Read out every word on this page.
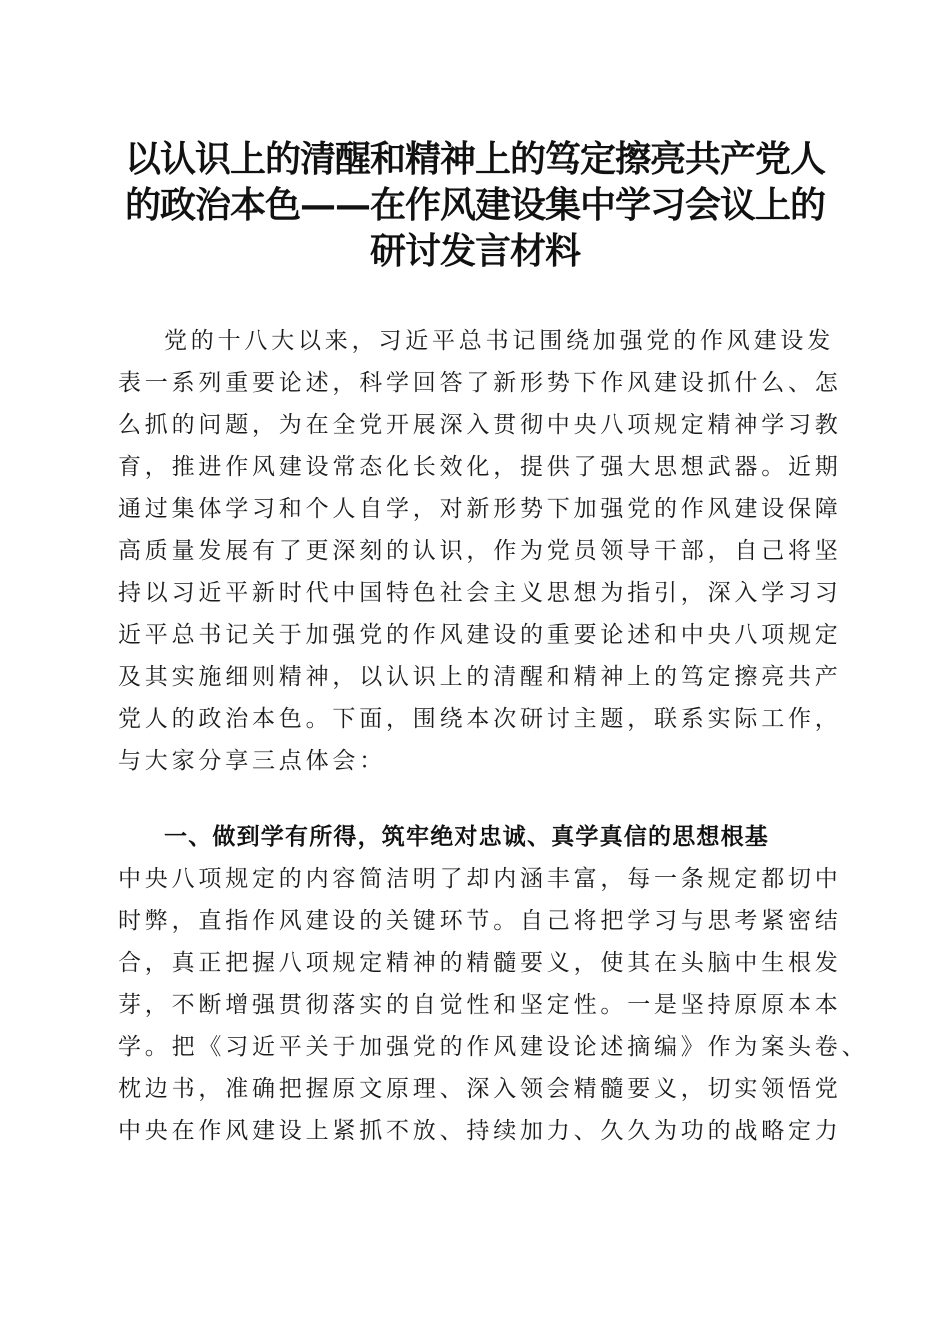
以认识上的清醒和精神上的笃定擦亮共产党人
的政治本色——在作风建设集中学习会议上的
研讨发言材料
党的十八大以来，习近平总书记围绕加强党的作风建设发
表一系列重要论述，科学回答了新形势下作风建设抓什么、怎
么抓的问题，为在全党开展深入贯彻中央八项规定精神学习教
育，推进作风建设常态化长效化，提供了强大思想武器。近期
通过集体学习和个人自学，对新形势下加强党的作风建设保障
高质量发展有了更深刻的认识，作为党员领导干部，自己将坚
持以习近平新时代中国特色社会主义思想为指引，深入学习习
近平总书记关于加强党的作风建设的重要论述和中央八项规定
及其实施细则精神，以认识上的清醒和精神上的笃定擦亮共产
党人的政治本色。下面，围绕本次研讨主题，联系实际工作，
与大家分享三点体会：
一、做到学有所得，筑牢绝对忠诚、真学真信的思想根基
中央八项规定的内容简洁明了却内涵丰富，每一条规定都切中
时弊，直指作风建设的关键环节。自己将把学习与思考紧密结
合，真正把握八项规定精神的精髓要义，使其在头脑中生根发
芽，不断增强贯彻落实的自觉性和坚定性。一是坚持原原本本
学。把《习近平关于加强党的作风建设论述摘编》作为案头卷、
枕边书，准确把握原文原理、深入领会精髓要义，切实领悟党
中央在作风建设上紧抓不放、持续加力、久久为功的战略定力
